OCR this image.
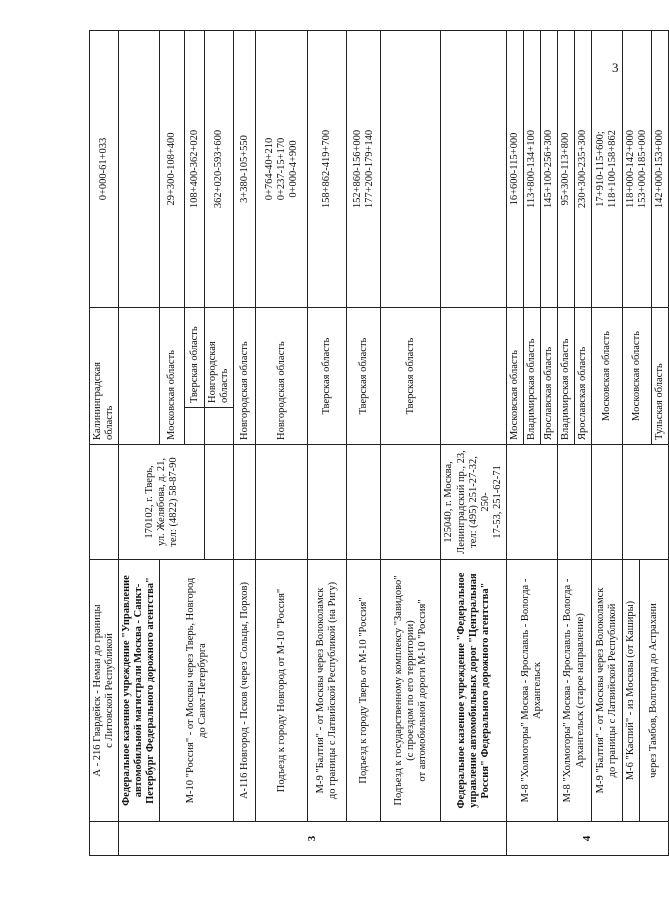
3
	А - 216 Гвардейск - Неман до границы
с Литовской Республикой		Калининградская
область		0+000-61+033
3	Федеральное казенное учреждение "Управление автомобильной магистрали Москва - Санкт-Петербург Федерального дорожного агентства"	170102, г. Тверь,
ул. Желябова, д. 21,
тел: (4822) 58-87-90			
	М-10 "Россия" - от Москвы через Тверь, Новгород
до Санкт-Петербурга		Московская область		29+300-108+400
				Тверская область	108+400-362+020
				Новгородская область	362+020-593+600
	А-116 Новгород - Псков (через Сольцы, Порхов)		Новгородская область		3+380-105+550
	Подъезд к городу Новгород от М-10 "Россия"		Новгородская область		0+764-40+210
0+237-15+170
0+000-4+900
	М-9 "Балтия" - от Москвы через Волоколамск
до границы с Латвийской Республикой (на Ригу)		Тверская область		158+862-419+700
	Подъезд к городу Тверь от М-10 "Россия"		Тверская область		152+860-156+000
177+200-179+140
	Подъезд к государственному комплексу "Завидово"
(с проездом по его территории)
от автомобильной дороги М-10 "Россия"		Тверская область		
	Федеральное казенное учреждение "Федеральное управление автомобильных дорог "Центральная Россия" Федерального дорожного агентства"	125040, г. Москва,
Ленинградский пр., 23,
тел: (495) 251-27-32, 250-
17-53, 251-62-71			
4	М-8 "Холмогоры" Москва - Ярославль - Вологда -
Архангельск		Московская область		16+600-115+000
			Владимирская область		113+800-134+100
			Ярославская область		145+100-256+300
	М-8 "Холмогоры" Москва - Ярославль - Вологда -
Архангельск (старое направление)		Владимирская область		95+300-113+800
			Ярославская область		230+300-235+300
	М-9 "Балтия" - от Москвы через Волоколамск
до границы с Латвийской Республикой		Московская область		17+910-115+600;
118+100-158+862
	М-6 "Каспий" - из Москвы (от Каширы)		Московская область		118+000-142+000
153+000-185+000
	через Тамбов, Волгоград до Астрахани				
			Тульская область		142+000-153+000
